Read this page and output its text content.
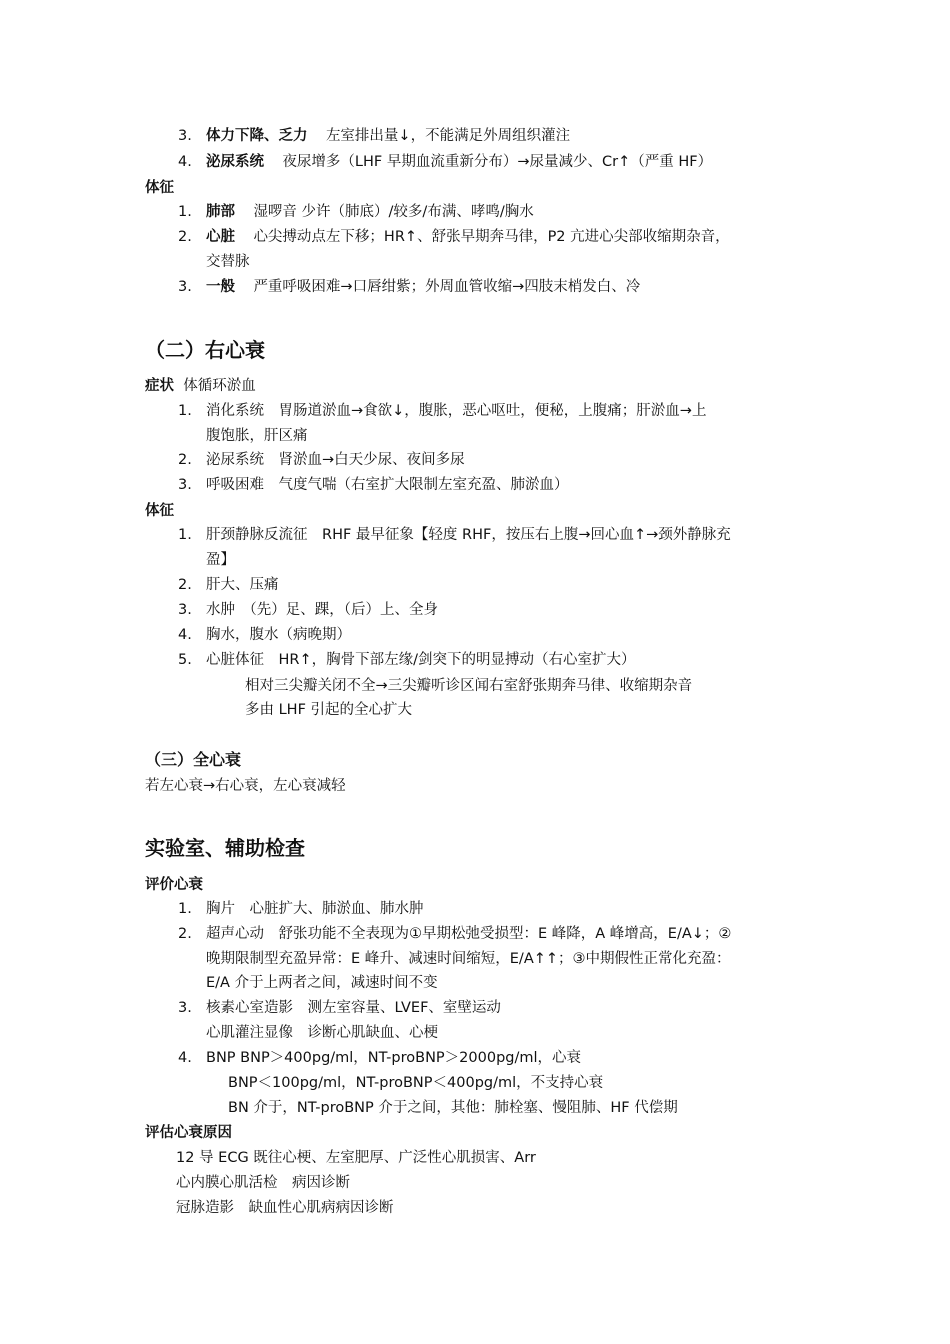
3. 体力下降、乏力 左室排出量↓，不能满足外周组织灌注
4. 泌尿系统 夜尿增多（LHF 早期血流重新分布）→尿量减少、Cr↑（严重 HF）
体征
1. 肺部 湿啰音 少许（肺底）/较多/布满、哮鸣/胸水
2. 心脏 心尖搏动点左下移；HR↑、舒张早期奔马律，P2 亢进心尖部收缩期杂音，
交替脉
3. 一般 严重呼吸困难→口唇绀紫；外周血管收缩→四肢末梢发白、冷
（二）右心衰
症状 体循环淤血
1. 消化系统　胃肠道淤血→食欲↓，腹胀，恶心呕吐，便秘，上腹痛；肝淤血→上
腹饱胀，肝区痛
2. 泌尿系统　肾淤血→白天少尿、夜间多尿
3. 呼吸困难　气度气喘（右室扩大限制左室充盈、肺淤血）
体征
1. 肝颈静脉反流征　RHF 最早征象【轻度 RHF，按压右上腹→回心血↑→颈外静脉充
盈】
2. 肝大、压痛
3. 水肿　（先）足、踝，（后）上、全身
4. 胸水，腹水（病晚期）
5. 心脏体征　HR↑，胸骨下部左缘/剑突下的明显搏动（右心室扩大）
相对三尖瓣关闭不全→三尖瓣听诊区闻右室舒张期奔马律、收缩期杂音
多由 LHF 引起的全心扩大
（三）全心衰
若左心衰→右心衰，左心衰减轻
实验室、辅助检查
评价心衰
1. 胸片　心脏扩大、肺淤血、肺水肿
2. 超声心动　舒张功能不全表现为①早期松弛受损型：E 峰降，A 峰增高，E/A↓；②
晚期限制型充盈异常：E 峰升、减速时间缩短，E/A↑↑；③中期假性正常化充盈：
E/A 介于上两者之间，减速时间不变
3. 核素心室造影　测左室容量、LVEF、室壁运动
心肌灌注显像　诊断心肌缺血、心梗
4. BNP BNP＞400pg/ml，NT-proBNP＞2000pg/ml，心衰
BNP＜100pg/ml，NT-proBNP＜400pg/ml，不支持心衰
BN 介于，NT-proBNP 介于之间，其他：肺栓塞、慢阻肺、HF 代偿期
评估心衰原因
12 导 ECG 既往心梗、左室肥厚、广泛性心肌损害、Arr
心内膜心肌活检　病因诊断
冠脉造影　缺血性心肌病病因诊断
